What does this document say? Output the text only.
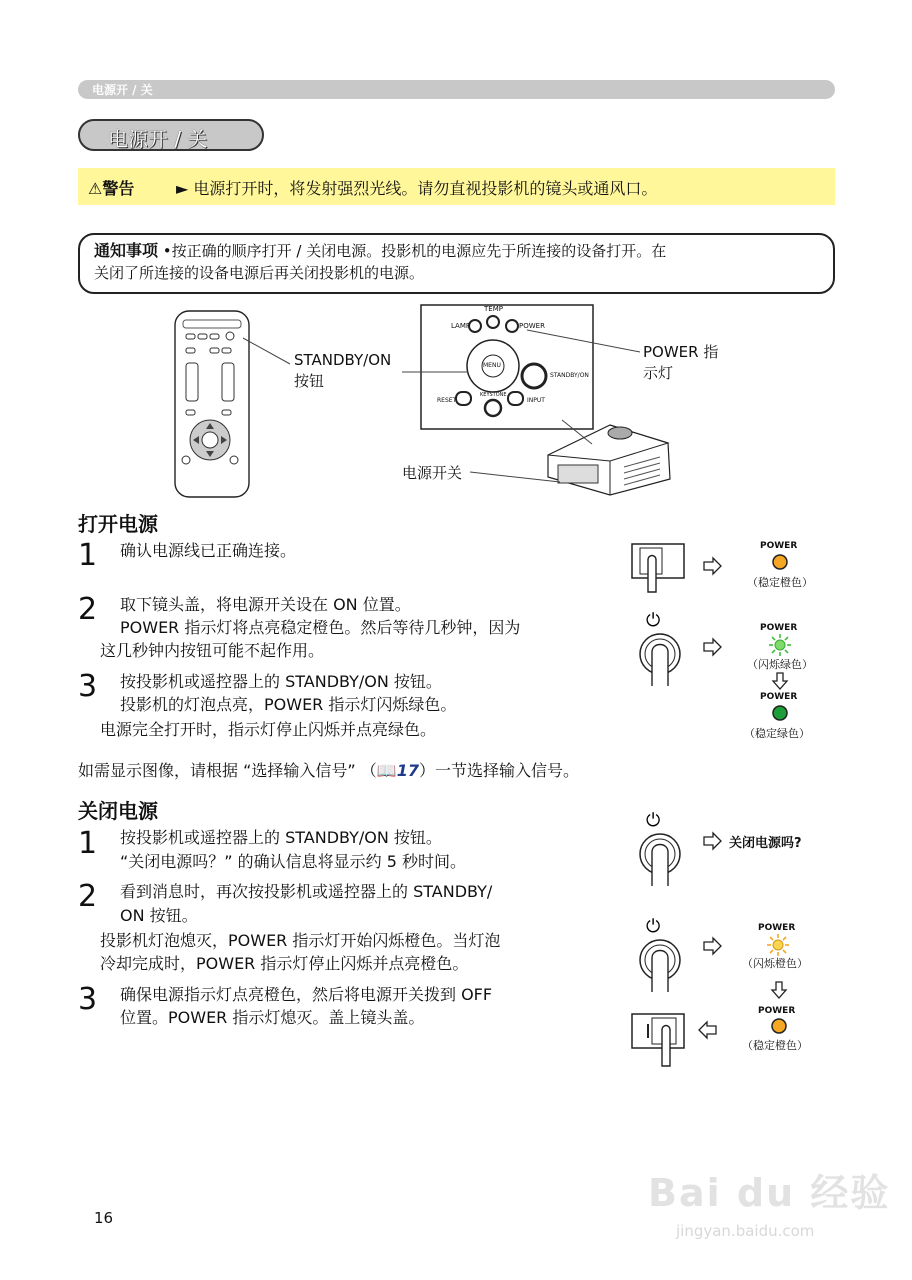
电源开 / 关
电源开 / 关
⚠警告	► 电源打开时，将发射强烈光线。请勿直视投影机的镜头或通风口。
通知事项 •按正确的顺序打开 / 关闭电源。投影机的电源应先于所连接的设备打开。在
关闭了所连接的设备电源后再关闭投影机的电源。
TEMP
LAMP	POWER
MENU
STANDBY/ON
RESET
KEYSTONE
INPUT
STANDBY/ON
按钮
POWER 指
示灯
电源开关
打开电源
1 确认电源线已正确连接。
2 取下镜头盖，将电源开关设在 ON 位置。
POWER 指示灯将点亮稳定橙色。然后等待几秒钟，因为
这几秒钟内按钮可能不起作用。
3 按投影机或遥控器上的 STANDBY/ON 按钮。
投影机的灯泡点亮，POWER 指示灯闪烁绿色。
电源完全打开时，指示灯停止闪烁并点亮绿色。
POWER
（稳定橙色）
⏻	POWER
（闪烁绿色）
POWER
（稳定绿色）
如需显示图像，请根据 “选择输入信号” （📖17）一节选择输入信号。
关闭电源
1 按投影机或遥控器上的 STANDBY/ON 按钮。
“关闭电源吗？” 的确认信息将显示约 5 秒时间。
2 看到消息时，再次按投影机或遥控器上的 STANDBY/
ON 按钮。
投影机灯泡熄灭，POWER 指示灯开始闪烁橙色。当灯泡
冷却完成时，POWER 指示灯停止闪烁并点亮橙色。
3 确保电源指示灯点亮橙色，然后将电源开关拨到 OFF
位置。POWER 指示灯熄灭。盖上镜头盖。
⏻
关闭电源吗?
⏻	POWER
（闪烁橙色）
POWER
（稳定橙色）
16
Bai du 经验
jingyan.baidu.com
